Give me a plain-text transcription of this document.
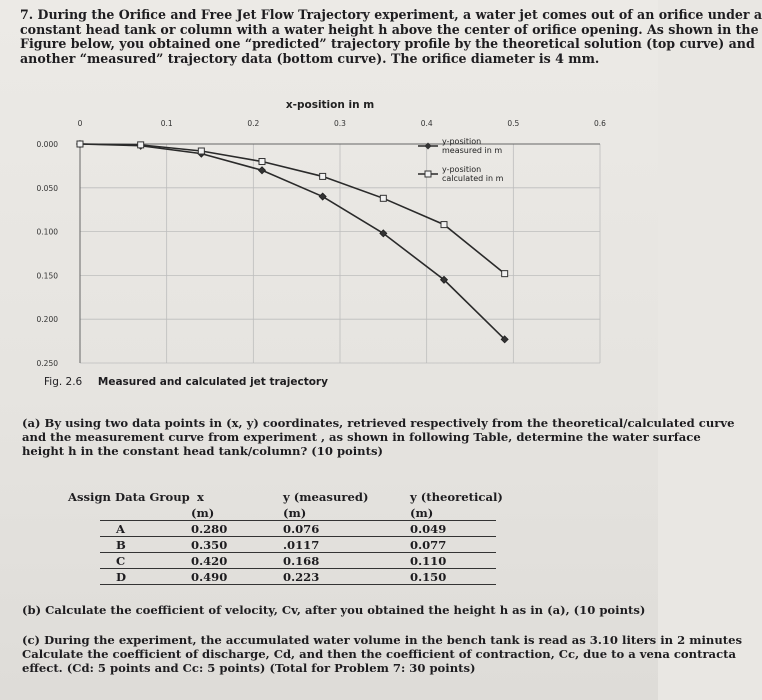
7. During the Orifice and Free Jet Flow Trajectory experiment, a water jet comes out of an orifice under a
constant head tank or column with a water height h above the center of orifice opening. As shown in the
Figure below, you obtained one “predicted” trajectory profile by the theoretical solution (top curve) and
another “measured” trajectory data (bottom curve). The orifice diameter is 4 mm.
x-position in m
0	0.1	0.2	0.3	0.4	0.5	0.6
0.000
0.050
0.100
0.150
0.200
0.250
y-position
measured in m
y-position
calculated in m
Fig. 2.6 Measured and calculated jet trajectory
(a) By using two data points in (x, y) coordinates, retrieved respectively from the theoretical/calculated curve
and the measurement curve from experiment , as shown in following Table, determine the water surface
height h in the constant head tank/column? (10 points)
Assign Data Group x
(m)
y (measured)
(m)
y (theoretical)
(m)
A	0.280	0.076	0.049
B	0.350	.0117	0.077
C	0.420	0.168	0.110
D	0.490	0.223	0.150
(b) Calculate the coefficient of velocity, Cv, after you obtained the height h as in (a), (10 points)
(c) During the experiment, the accumulated water volume in the bench tank is read as 3.10 liters in 2 minutes
Calculate the coefficient of discharge, Cd, and then the coefficient of contraction, Cc, due to a vena contracta
effect. (Cd: 5 points and Cc: 5 points) (Total for Problem 7: 30 points)
